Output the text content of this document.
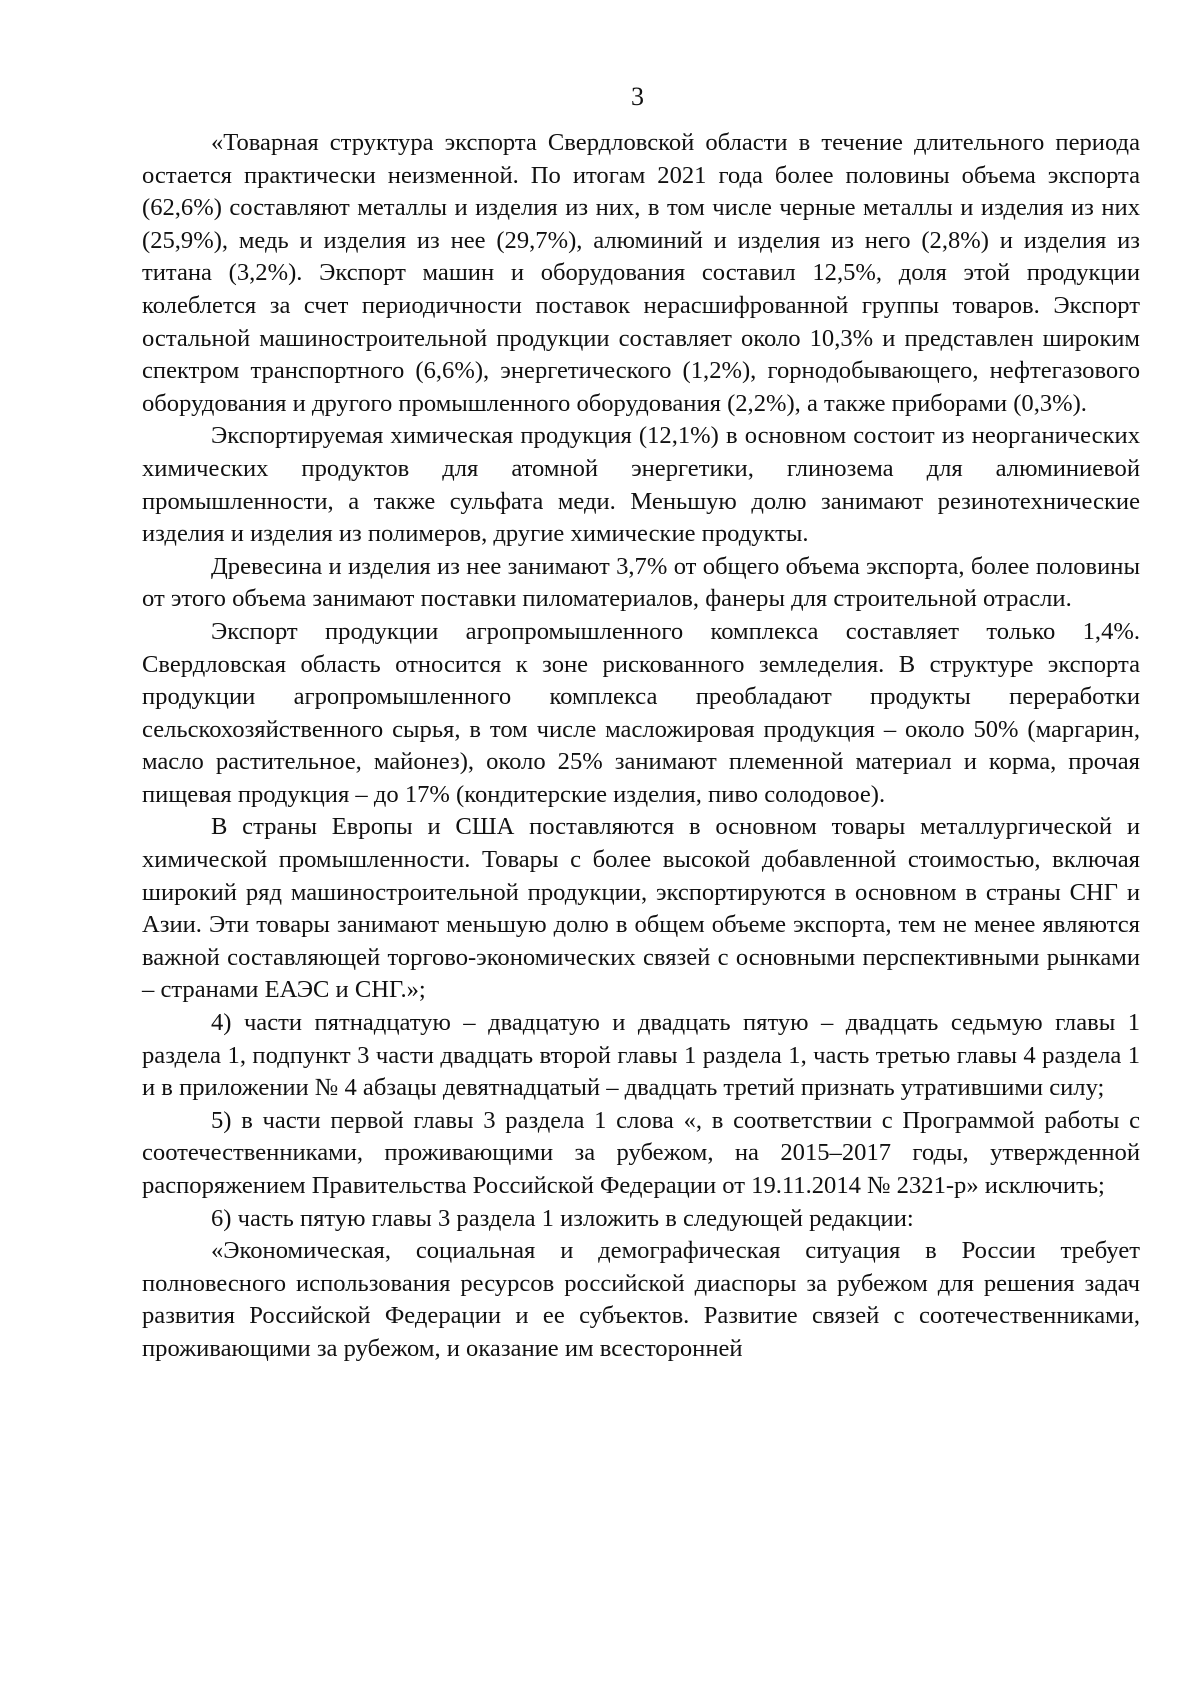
3

«Товарная структура экспорта Свердловской области в течение длительного периода остается практически неизменной. По итогам 2021 года более половины объема экспорта (62,6%) составляют металлы и изделия из них, в том числе черные металлы и изделия из них (25,9%), медь и изделия из нее (29,7%), алюминий и изделия из него (2,8%) и изделия из титана (3,2%). Экспорт машин и оборудования составил 12,5%, доля этой продукции колеблется за счет периодичности поставок нерасшифрованной группы товаров. Экспорт остальной машиностроительной продукции составляет около 10,3% и представлен широким спектром транспортного (6,6%), энергетического (1,2%), горнодобывающего, нефтегазового оборудования и другого промышленного оборудования (2,2%), а также приборами (0,3%).

Экспортируемая химическая продукция (12,1%) в основном состоит из неорганических химических продуктов для атомной энергетики, глинозема для алюминиевой промышленности, а также сульфата меди. Меньшую долю занимают резинотехнические изделия и изделия из полимеров, другие химические продукты.

Древесина и изделия из нее занимают 3,7% от общего объема экспорта, более половины от этого объема занимают поставки пиломатериалов, фанеры для строительной отрасли.

Экспорт продукции агропромышленного комплекса составляет только 1,4%. Свердловская область относится к зоне рискованного земледелия. В структуре экспорта продукции агропромышленного комплекса преобладают продукты переработки сельскохозяйственного сырья, в том числе масложировая продукция – около 50% (маргарин, масло растительное, майонез), около 25% занимают племенной материал и корма, прочая пищевая продукция – до 17% (кондитерские изделия, пиво солодовое).

В страны Европы и США поставляются в основном товары металлургической и химической промышленности. Товары с более высокой добавленной стоимостью, включая широкий ряд машиностроительной продукции, экспортируются в основном в страны СНГ и Азии. Эти товары занимают меньшую долю в общем объеме экспорта, тем не менее являются важной составляющей торгово-экономических связей с основными перспективными рынками – странами ЕАЭС и СНГ.»;

4) части пятнадцатую – двадцатую и двадцать пятую – двадцать седьмую главы 1 раздела 1, подпункт 3 части двадцать второй главы 1 раздела 1, часть третью главы 4 раздела 1 и в приложении № 4 абзацы девятнадцатый – двадцать третий признать утратившими силу;

5) в части первой главы 3 раздела 1 слова «, в соответствии с Программой работы с соотечественниками, проживающими за рубежом, на 2015–2017 годы, утвержденной распоряжением Правительства Российской Федерации от 19.11.2014 № 2321-р» исключить;

6) часть пятую главы 3 раздела 1 изложить в следующей редакции:

«Экономическая, социальная и демографическая ситуация в России требует полновесного использования ресурсов российской диаспоры за рубежом для решения задач развития Российской Федерации и ее субъектов. Развитие связей с соотечественниками, проживающими за рубежом, и оказание им всесторонней
